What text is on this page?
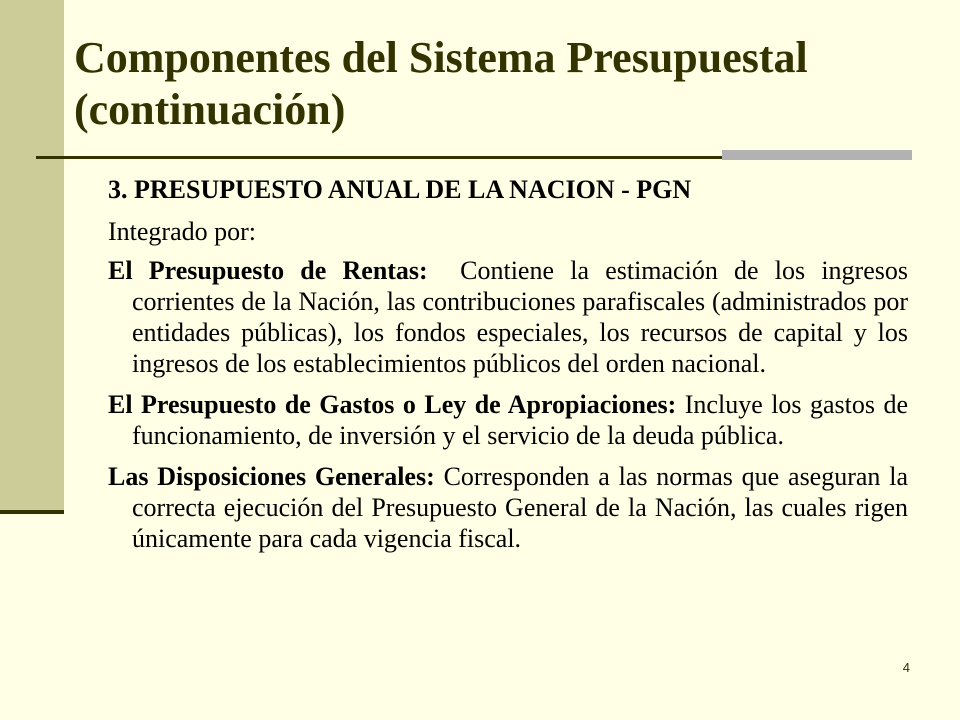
Componentes del Sistema Presupuestal (continuación)

3. PRESUPUESTO ANUAL DE LA NACION - PGN

Integrado por:

El Presupuesto de Rentas: Contiene la estimación de los ingresos corrientes de la Nación, las contribuciones parafiscales (administrados por entidades públicas), los fondos especiales, los recursos de capital y los ingresos de los establecimientos públicos del orden nacional.

El Presupuesto de Gastos o Ley de Apropiaciones: Incluye los gastos de funcionamiento, de inversión y el servicio de la deuda pública.

Las Disposiciones Generales: Corresponden a las normas que aseguran la correcta ejecución del Presupuesto General de la Nación, las cuales rigen únicamente para cada vigencia fiscal.

4
